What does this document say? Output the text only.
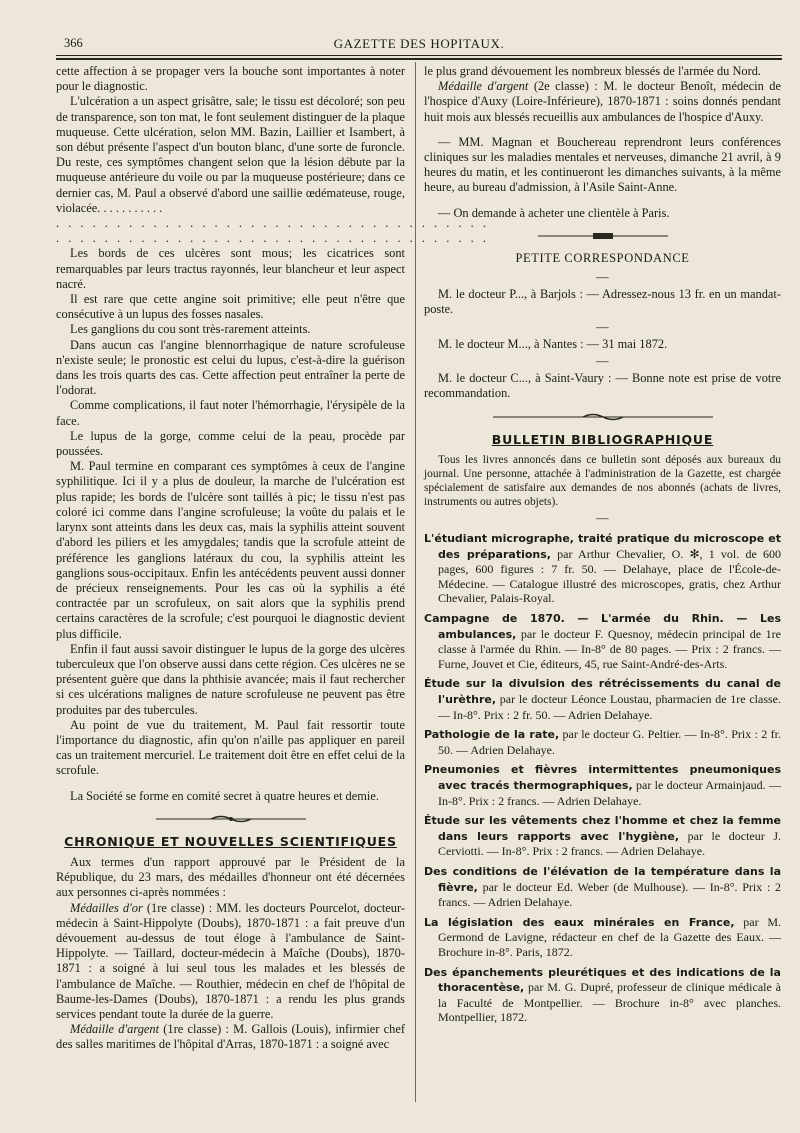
366	GAZETTE DES HOPITAUX.

cette affection à se propager vers la bouche sont importantes à noter pour le diagnostic.

L'ulcération a un aspect grisâtre, sale; le tissu est décoloré; son peu de transparence, son ton mat, le font seulement distinguer de la plaque muqueuse. Cette ulcération, selon MM. Bazin, Laillier et Isambert, à son début présente l'aspect d'un bouton blanc, d'une sorte de furoncle. Du reste, ces symptômes changent selon que la lésion débute par la muqueuse antérieure du voile ou par la muqueuse postérieure; dans ce dernier cas, M. Paul a observé d'abord une saillie œdémateuse, rouge, violacée. . . . . . . . . . .

. . . . . . . . . . . . . . . . . . . . . . . . . . . . . . . . . . . .

. . . . . . . . . . . . . . . . . . . . . . . . . . . . . . . . . . . .

Les bords de ces ulcères sont mous; les cicatrices sont remarquables par leurs tractus rayonnés, leur blancheur et leur aspect nacré.

Il est rare que cette angine soit primitive; elle peut n'être que consécutive à un lupus des fosses nasales.

Les ganglions du cou sont très-rarement atteints.

Dans aucun cas l'angine blennorrhagique de nature scrofuleuse n'existe seule; le pronostic est celui du lupus, c'est-à-dire la guérison dans les trois quarts des cas. Cette affection peut entraîner la perte de l'odorat.

Comme complications, il faut noter l'hémorrhagie, l'érysipèle de la face.

Le lupus de la gorge, comme celui de la peau, procède par poussées.

M. Paul termine en comparant ces symptômes à ceux de l'angine syphilitique. Ici il y a plus de douleur, la marche de l'ulcération est plus rapide; les bords de l'ulcère sont taillés à pic; le tissu n'est pas coloré ici comme dans l'angine scrofuleuse; la voûte du palais et le larynx sont atteints dans les deux cas, mais la syphilis atteint souvent d'abord les piliers et les amygdales; tandis que la scrofule atteint de préférence les ganglions latéraux du cou, la syphilis atteint les ganglions sous-occipitaux. Enfin les antécédents peuvent aussi donner de précieux renseignements. Pour les cas où la syphilis a été contractée par un scrofuleux, on sait alors que la syphilis prend certains caractères de la scrofule; c'est pourquoi le diagnostic devient plus difficile.

Enfin il faut aussi savoir distinguer le lupus de la gorge des ulcères tuberculeux que l'on observe aussi dans cette région. Ces ulcères ne se présentent guère que dans la phthisie avancée; mais il faut rechercher si ces ulcérations malignes de nature scrofuleuse ne peuvent pas être produites par des tubercules.

Au point de vue du traitement, M. Paul fait ressortir toute l'importance du diagnostic, afin qu'on n'aille pas appliquer en pareil cas un traitement mercuriel. Le traitement doit être en effet celui de la scrofule.

La Société se forme en comité secret à quatre heures et demie.

CHRONIQUE ET NOUVELLES SCIENTIFIQUES

Aux termes d'un rapport approuvé par le Président de la République, du 23 mars, des médailles d'honneur ont été décernées aux personnes ci-après nommées :

Médailles d'or (1re classe) : MM. les docteurs Pourcelot, docteur-médecin à Saint-Hippolyte (Doubs), 1870-1871 : a fait preuve d'un dévouement au-dessus de tout éloge à l'ambulance de Saint-Hippolyte. — Taillard, docteur-médecin à Maîche (Doubs), 1870-1871 : a soigné à lui seul tous les malades et les blessés de l'ambulance de Maîche. — Routhier, médecin en chef de l'hôpital de Baume-les-Dames (Doubs), 1870-1871 : a rendu les plus grands services pendant toute la durée de la guerre.

Médaille d'argent (1re classe) : M. Gallois (Louis), infirmier chef des salles maritimes de l'hôpital d'Arras, 1870-1871 : a soigné avec

le plus grand dévouement les nombreux blessés de l'armée du Nord.

Médaille d'argent (2e classe) : M. le docteur Benoît, médecin de l'hospice d'Auxy (Loire-Inférieure), 1870-1871 : soins donnés pendant huit mois aux blessés recueillis aux ambulances de l'hospice d'Auxy.

— MM. Magnan et Bouchereau reprendront leurs conférences cliniques sur les maladies mentales et nerveuses, dimanche 21 avril, à 9 heures du matin, et les continueront les dimanches suivants, à la même heure, au bureau d'admission, à l'Asile Saint-Anne.

— On demande à acheter une clientèle à Paris.

PETITE CORRESPONDANCE
—

M. le docteur P..., à Barjols : — Adressez-nous 13 fr. en un mandat-poste.

—

M. le docteur M..., à Nantes : — 31 mai 1872.

—

M. le docteur C..., à Saint-Vaury : — Bonne note est prise de votre recommandation.

BULLETIN BIBLIOGRAPHIQUE

Tous les livres annoncés dans ce bulletin sont déposés aux bureaux du journal. Une personne, attachée à l'administration de la Gazette, est chargée spécialement de satisfaire aux demandes de nos abonnés (achats de livres, instruments ou autres objets).

—

L'étudiant micrographe, traité pratique du microscope et des préparations, par Arthur Chevalier, O. ✻, 1 vol. de 600 pages, 600 figures : 7 fr. 50. — Delahaye, place de l'École-de-Médecine. — Catalogue illustré des microscopes, gratis, chez Arthur Chevalier, Palais-Royal.

Campagne de 1870. — L'armée du Rhin. — Les ambulances, par le docteur F. Quesnoy, médecin principal de 1re classe à l'armée du Rhin. — In-8° de 80 pages. — Prix : 2 francs. — Furne, Jouvet et Cie, éditeurs, 45, rue Saint-André-des-Arts.

Étude sur la divulsion des rétrécissements du canal de l'urèthre, par le docteur Léonce Loustau, pharmacien de 1re classe. — In-8°. Prix : 2 fr. 50. — Adrien Delahaye.

Pathologie de la rate, par le docteur G. Peltier. — In-8°. Prix : 2 fr. 50. — Adrien Delahaye.

Pneumonies et fièvres intermittentes pneumoniques avec tracés thermographiques, par le docteur Armainjaud. — In-8°. Prix : 2 francs. — Adrien Delahaye.

Étude sur les vêtements chez l'homme et chez la femme dans leurs rapports avec l'hygiène, par le docteur J. Cerviotti. — In-8°. Prix : 2 francs. — Adrien Delahaye.

Des conditions de l'élévation de la température dans la fièvre, par le docteur Ed. Weber (de Mulhouse). — In-8°. Prix : 2 francs. — Adrien Delahaye.

La législation des eaux minérales en France, par M. Germond de Lavigne, rédacteur en chef de la Gazette des Eaux. — Brochure in-8°. Paris, 1872.

Des épanchements pleurétiques et des indications de la thoracentèse, par M. G. Dupré, professeur de clinique médicale à la Faculté de Montpellier. — Brochure in-8° avec planches. Montpellier, 1872.
